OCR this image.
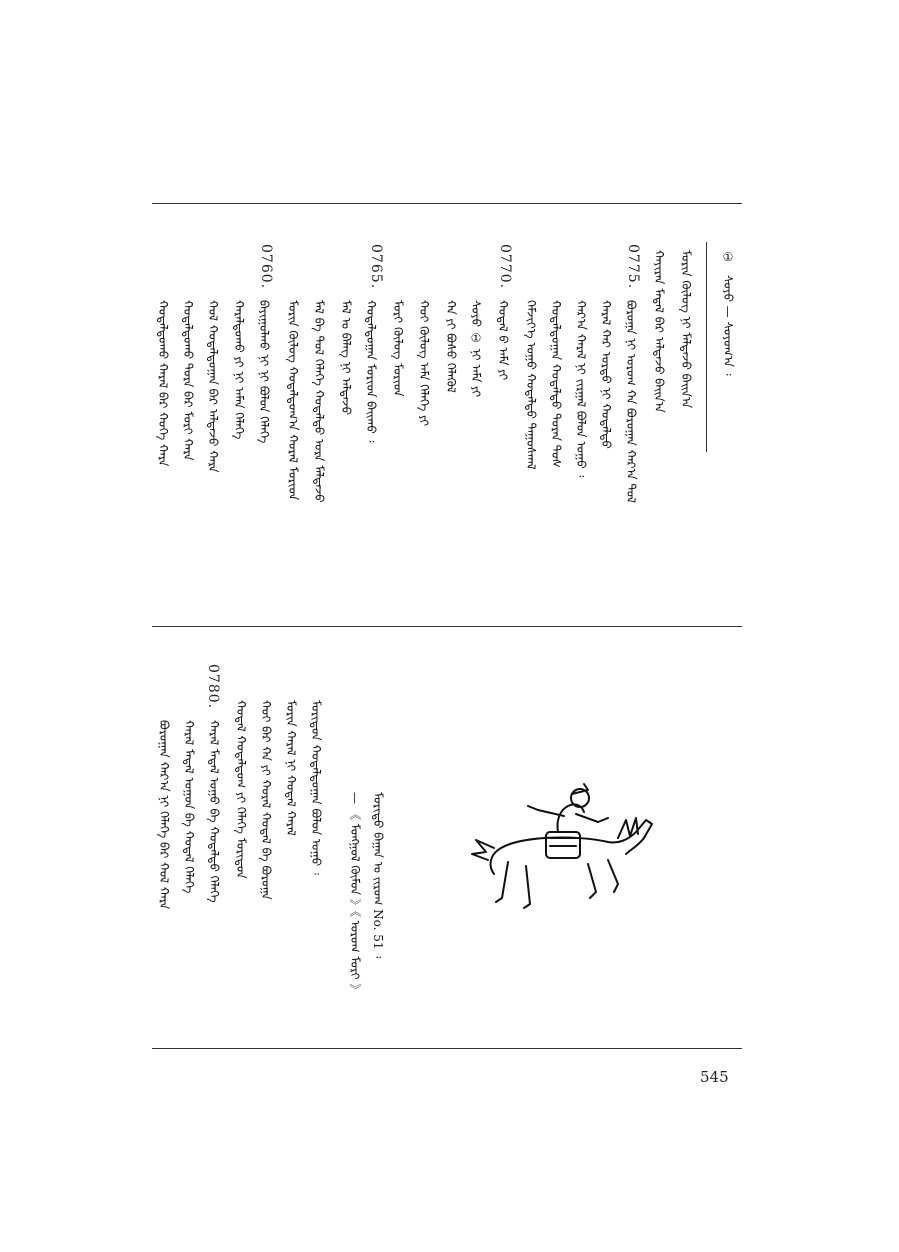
① ᠰᠤᠶᠤ — ᠰᠤᠶᠤᠭ᠎ᠠ ᠄
ᠮᠣᠷᠢᠨ ᠬᠦᠯᠦᠭ ᠨᠢ ᠮᠠᠯᠲᠠᠵᠤ ᠪᠠᠢᠨ᠎ᠠ
ᠬᠠᠶᠢᠷᠠᠨ ᠮᠡᠳᠡᠯ ᠪᠠᠷ ᠠᠯᠳᠠᠵᠤ ᠪᠠᠢᠨ᠎ᠠ
0775.
ᠪᠣᠷᠣᠭᠠ ᠨᠢ ᠤᠷᠤᠭ ᠬᠠ ᠪᠣᠷᠣᠭᠠᠨ ᠬᠠᠷ᠎ᠠ ᠳᠤᠯ
ᠬᠠᠷᠠᠯ ᠬᠠᠷ ᠤᠷᠲᠤ ᠨᠢ ᠬᠤᠳᠠᠯᠳᠤ
ᠬᠠᠷ᠎ᠠ ᠬᠠᠷᠠᠯ ᠨᠢ ᠵᠢᠷᠭᠠᠯ ᠪᠣᠯᠤᠨ ᠤᠭᠤ ᠄
ᠬᠤᠳᠠᠯᠳᠤᠭᠠᠨ ᠬᠤᠳᠠᠯᠳᠤ ᠳᠤᠷᠠᠨ ᠲᠤᠰ
ᠬᠡᠮᠵᠢᠶ᠎ᠡ ᠤᠭᠤ ᠬᠤᠳᠠᠯᠳᠤ ᠳᠠᠭᠤᠰᠬᠠᠯ
0770.
ᠬᠤᠳᠠᠯ ᠪ ᠠᠮᠠ ᠶᠢ
ᠰᠤᠶᠤ ① ᠨᠢ ᠠᠮᠠ ᠶᠢ
ᠬᠠ ᠶᠢ ᠪᠤᠰᠤ ᠬᠡᠯᠡᠬᠦᠯ
ᠬᠤᠢ ᠬᠦᠯᠦᠭ ᠠᠮᠠ ᠬᠡᠯᠡᠭᠡ ᠶᠢ
0765.
ᠮᠣᠷᠢ ᠬᠦᠯᠦᠭ ᠮᠣᠷᠢᠳ
ᠬᠤᠳᠠᠯᠳᠤᠭᠠᠨ ᠮᠣᠷᠢᠳ ᠪᠠᠢᠬᠤ ᠄
ᠮᠠᠯ ᠤ ᠪᠡᠯᠡᠭ ᠨᠢ ᠠᠯᠳᠠᠵᠤ
ᠮᠠᠯ ᠪᠡ ᠲᠤᠯ ᠬᠡᠯᠡᠭᠡ ᠬᠤᠳᠠᠯᠳᠤ ᠤᠷᠠ ᠮᠠᠯᠲᠠᠵᠤ
ᠮᠣᠷᠢᠨ ᠬᠦᠯᠦᠭ ᠬᠤᠳᠠᠯᠳᠤᠭ᠎ᠠ ᠬᠤᠷᠠᠯ ᠮᠣᠷᠢᠳ
0760.
ᠪᠠᠶᠢᠭᠤᠯᠬᠤ ᠨᠢ ᠨᠢ ᠪᠣᠯᠤᠨ ᠬᠡᠯᠡᠭᠡ
ᠬᠠᠷᠠᠯᠳᠤᠬᠤ ᠶᠢ ᠨᠢ ᠠᠮᠠᠨ ᠬᠡᠯᠡᠭᠡ
ᠬᠤᠯ ᠬᠤᠳᠠᠯᠳᠤᠭᠠᠨ ᠪᠠᠷ ᠠᠯᠳᠠᠵᠤ ᠬᠠᠷᠠ
ᠬᠤᠳᠠᠯᠳᠤᠬᠤ ᠲᠤᠷᠠ ᠪᠠᠷ ᠮᠣᠷᠢ ᠬᠠᠷᠠ
ᠬᠤᠳᠠᠯᠳᠤᠬᠤ ᠬᠠᠷᠠᠯ ᠪᠠᠷ ᠬᠤᠬᠡ ᠬᠠᠷᠠ
ᠮᠣᠷᠢᠳᠤ ᠪᠠᠭᠠᠨ ᠤ ᠵᠢᠷᠤᠭ No. 51 ᠄
— 《 ᠮᠣᠩᠭᠤᠯ ᠬᠦᠮᠦᠨ 》《 ᠤᠷᠤᠭ ᠮᠣᠷᠢ 》
ᠮᠣᠷᠢᠳᠤᠨ ᠬᠤᠳᠠᠯᠳᠤᠭᠠᠨ ᠪᠣᠯᠤᠨ ᠤᠭᠤ ᠄
ᠮᠣᠷᠢᠨ ᠬᠠᠷᠠᠯ ᠨᠢ ᠬᠤᠳᠠᠯ ᠬᠠᠷᠠᠯ
ᠬᠤᠢ ᠪᠡᠷ ᠬᠠ ᠶᠢ ᠬᠤᠷᠠᠯ ᠬᠤᠳᠠᠯ ᠪᠠ ᠪᠣᠷᠣᠭᠠ
ᠬᠤᠳᠠᠯ ᠬᠤᠳᠠᠯᠳᠤᠭ ᠶᠢ ᠬᠡᠯᠡᠭᠡ ᠮᠣᠷᠢᠳᠤᠨ
0780.
ᠬᠠᠷᠠᠯ ᠮᠡᠳᠡᠯ ᠤᠭᠤ ᠪᠠ ᠬᠤᠳᠠᠯᠳᠤ ᠬᠡᠯᠡᠭᠡ
ᠬᠠᠷᠠᠯ ᠮᠡᠳᠡᠯ ᠤᠭᠤᠨ ᠪᠠ ᠬᠤᠳᠠᠯ ᠬᠡᠯᠡᠭᠡ
ᠪᠣᠷᠣᠭᠠᠨ ᠬᠠᠷ᠎ᠠ ᠨᠢ ᠬᠡᠯᠡᠭᠡ ᠪᠠᠷ ᠬᠤᠯ ᠬᠠᠷᠠ
545
